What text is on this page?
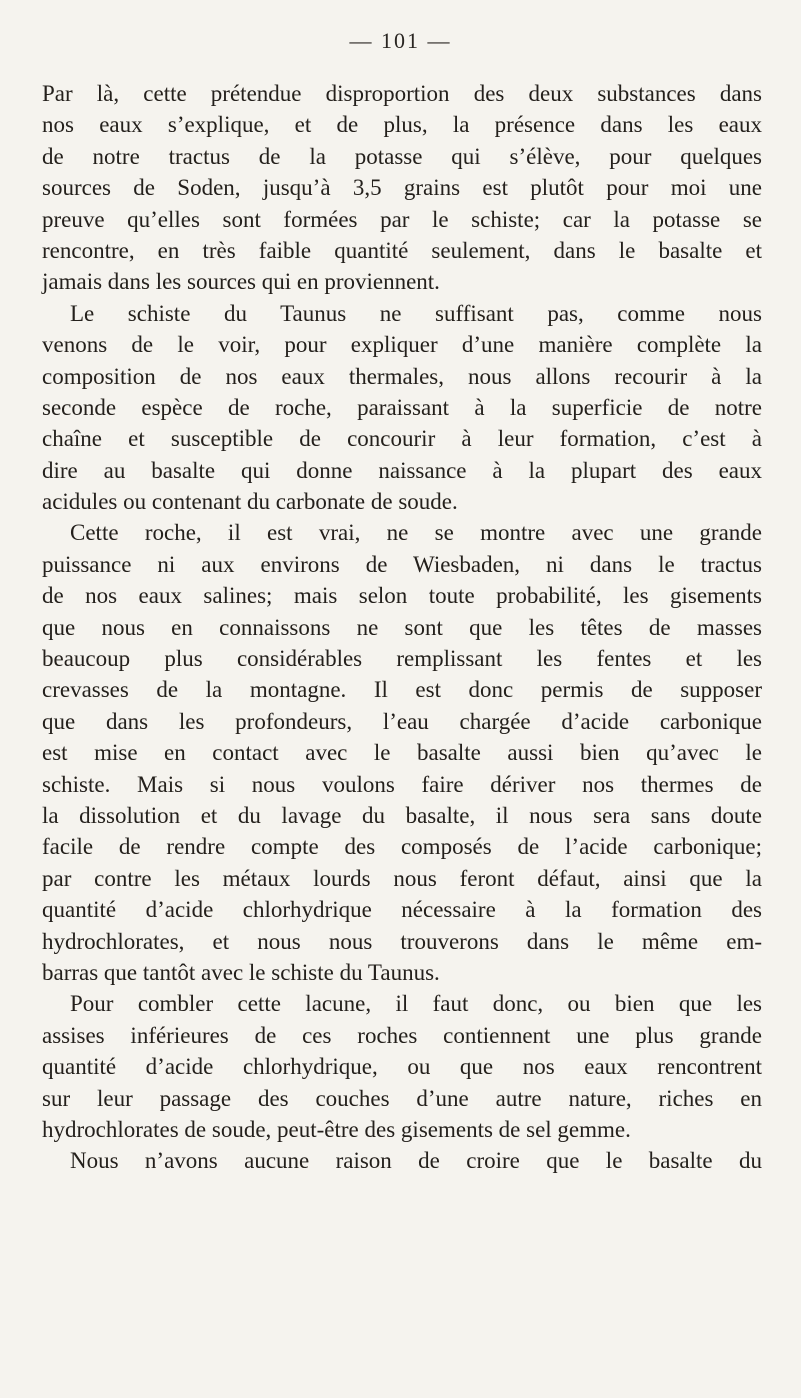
— 101 —
Par là, cette prétendue disproportion des deux substances dans
nos eaux s’explique, et de plus, la présence dans les eaux
de notre tractus de la potasse qui s’élève, pour quelques
sources de Soden, jusqu’à 3,5 grains est plutôt pour moi une
preuve qu’elles sont formées par le schiste; car la potasse se
rencontre, en très faible quantité seulement, dans le basalte et
jamais dans les sources qui en proviennent.
Le schiste du Taunus ne suffisant pas, comme nous
venons de le voir, pour expliquer d’une manière complète la
composition de nos eaux thermales, nous allons recourir à la
seconde espèce de roche, paraissant à la superficie de notre
chaîne et susceptible de concourir à leur formation, c’est à
dire au basalte qui donne naissance à la plupart des eaux
acidules ou contenant du carbonate de soude.
Cette roche, il est vrai, ne se montre avec une grande
puissance ni aux environs de Wiesbaden, ni dans le tractus
de nos eaux salines; mais selon toute probabilité, les gisements
que nous en connaissons ne sont que les têtes de masses
beaucoup plus considérables remplissant les fentes et les
crevasses de la montagne. Il est donc permis de supposer
que dans les profondeurs, l’eau chargée d’acide carbonique
est mise en contact avec le basalte aussi bien qu’avec le
schiste. Mais si nous voulons faire dériver nos thermes de
la dissolution et du lavage du basalte, il nous sera sans doute
facile de rendre compte des composés de l’acide carbonique;
par contre les métaux lourds nous feront défaut, ainsi que la
quantité d’acide chlorhydrique nécessaire à la formation des
hydrochlorates, et nous nous trouverons dans le même em-
barras que tantôt avec le schiste du Taunus.
Pour combler cette lacune, il faut donc, ou bien que les
assises inférieures de ces roches contiennent une plus grande
quantité d’acide chlorhydrique, ou que nos eaux rencontrent
sur leur passage des couches d’une autre nature, riches en
hydrochlorates de soude, peut-être des gisements de sel gemme.
Nous n’avons aucune raison de croire que le basalte du
